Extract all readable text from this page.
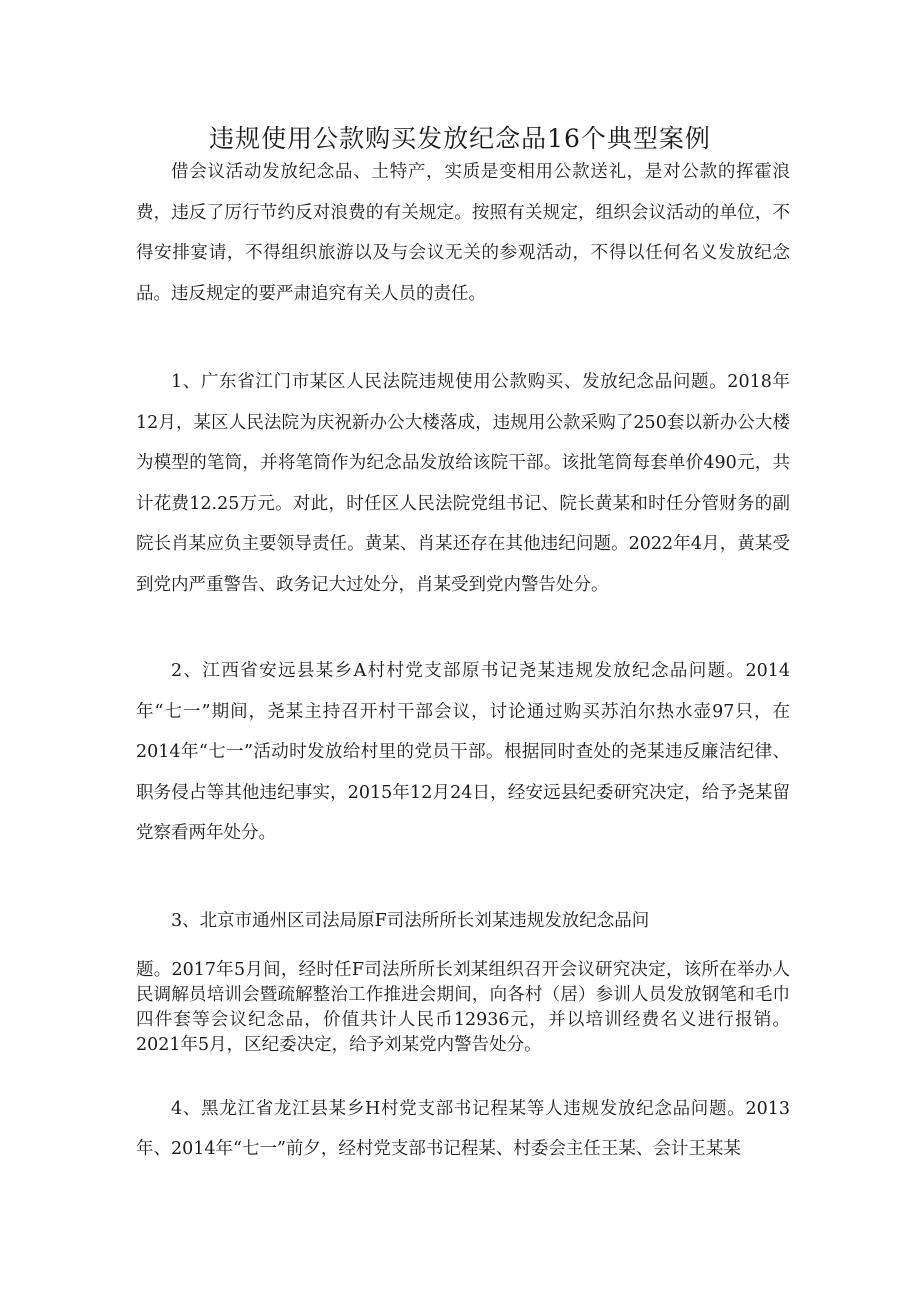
违规使用公款购买发放纪念品16个典型案例

借会议活动发放纪念品、土特产，实质是变相用公款送礼，是对公款的挥霍浪费，违反了厉行节约反对浪费的有关规定。按照有关规定，组织会议活动的单位，不得安排宴请，不得组织旅游以及与会议无关的参观活动，不得以任何名义发放纪念品。违反规定的要严肃追究有关人员的责任。

1、广东省江门市某区人民法院违规使用公款购买、发放纪念品问题。2018年12月，某区人民法院为庆祝新办公大楼落成，违规用公款采购了250套以新办公大楼为模型的笔筒，并将笔筒作为纪念品发放给该院干部。该批笔筒每套单价490元，共计花费12.25万元。对此，时任区人民法院党组书记、院长黄某和时任分管财务的副院长肖某应负主要领导责任。黄某、肖某还存在其他违纪问题。2022年4月，黄某受到党内严重警告、政务记大过处分，肖某受到党内警告处分。

2、江西省安远县某乡A村村党支部原书记尧某违规发放纪念品问题。2014年“七一”期间，尧某主持召开村干部会议，讨论通过购买苏泊尔热水壶97只，在2014年“七一”活动时发放给村里的党员干部。根据同时查处的尧某违反廉洁纪律、职务侵占等其他违纪事实，2015年12月24日，经安远县纪委研究决定，给予尧某留党察看两年处分。

3、北京市通州区司法局原F司法所所长刘某违规发放纪念品问

题。2017年5月间，经时任F司法所所长刘某组织召开会议研究决定，该所在举办人民调解员培训会暨疏解整治工作推进会期间，向各村（居）参训人员发放钢笔和毛巾四件套等会议纪念品，价值共计人民币12936元，并以培训经费名义进行报销。2021年5月，区纪委决定，给予刘某党内警告处分。

4、黑龙江省龙江县某乡H村党支部书记程某等人违规发放纪念品问题。2013年、2014年“七一”前夕，经村党支部书记程某、村委会主任王某、会计王某某
